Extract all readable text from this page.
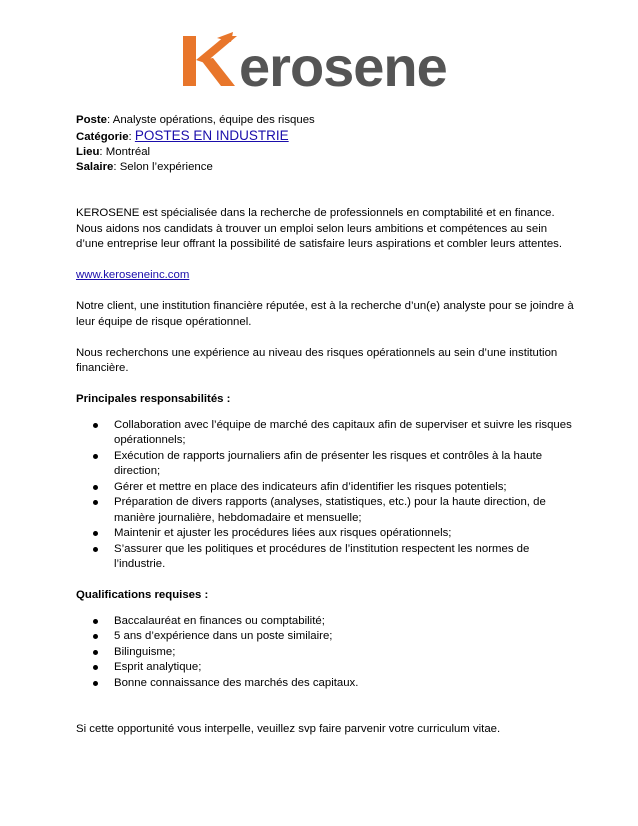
erosene

Poste: Analyste opérations, équipe des risques

Catégorie: POSTES EN INDUSTRIE

Lieu: Montréal

Salaire: Selon l’expérience

KEROSENE est spécialisée dans la recherche de professionnels en comptabilité et en finance. Nous aidons nos candidats à trouver un emploi selon leurs ambitions et compétences au sein d’une entreprise leur offrant la possibilité de satisfaire leurs aspirations et combler leurs attentes.

www.keroseneinc.com

Notre client, une institution financière réputée, est à la recherche d’un(e) analyste pour se joindre à leur équipe de risque opérationnel.

Nous recherchons une expérience au niveau des risques opérationnels au sein d’une institution financière.

Principales responsabilités :

Collaboration avec l’équipe de marché des capitaux afin de superviser et suivre les risques opérationnels;
Exécution de rapports journaliers afin de présenter les risques et contrôles à la haute direction;
Gérer et mettre en place des indicateurs afin d’identifier les risques potentiels;
Préparation de divers rapports (analyses, statistiques, etc.) pour la haute direction, de manière journalière, hebdomadaire et mensuelle;
Maintenir et ajuster les procédures liées aux risques opérationnels;
S’assurer que les politiques et procédures de l’institution respectent les normes de l’industrie.

Qualifications requises :

Baccalauréat en finances ou comptabilité;
5 ans d’expérience dans un poste similaire;
Bilinguisme;
Esprit analytique;
Bonne connaissance des marchés des capitaux.

Si cette opportunité vous interpelle, veuillez svp faire parvenir votre curriculum vitae.
